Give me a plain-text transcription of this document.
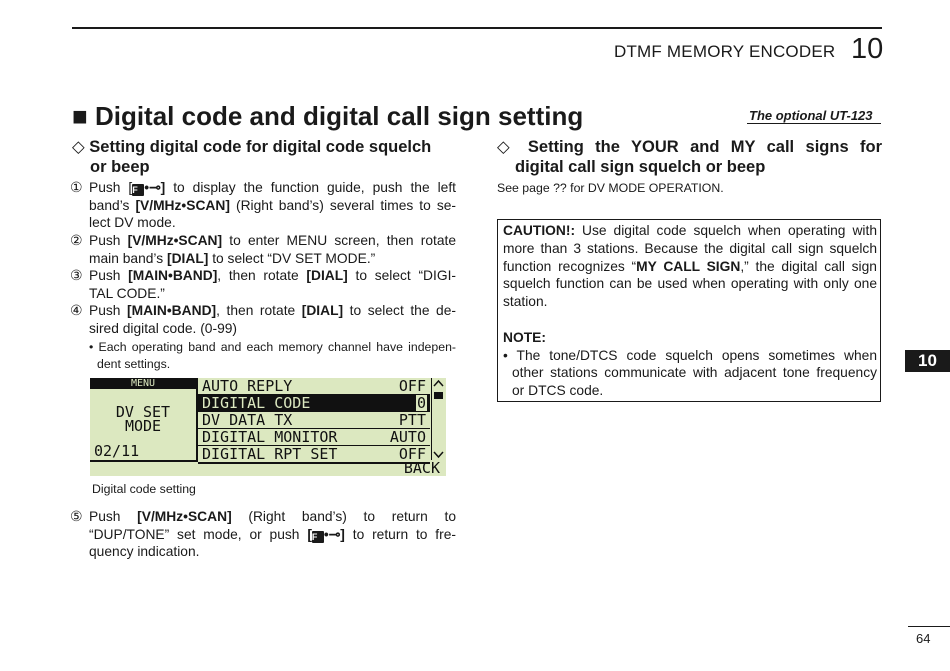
DTMF MEMORY ENCODER 10
■ Digital code and digital call sign setting	The optional UT-123
◇ Setting digital code for digital code squelch
or beep
① Push [F •⊸] to display the function guide, push the left
band’s [V/MHz•SCAN] (Right band’s) several times to se-
lect DV mode.
② Push [V/MHz•SCAN] to enter MENU screen, then rotate
main band’s [DIAL] to select “DV SET MODE.”
③ Push [MAIN•BAND], then rotate [DIAL] to select “DIGI-
TAL CODE.”
④ Push [MAIN•BAND], then rotate [DIAL] to select the de-
sired digital code. (0-99)
• Each operating band and each memory channel have indepen-
dent settings.
MENU
DV SET
MODE
02/11
AUTO REPLY	OFF
DIGITAL CODE	0
DV DATA TX	PTT
DIGITAL MONITOR	AUTO
DIGITAL RPT SET	OFF
BACK
Digital code setting
⑤ Push [V/MHz•SCAN] (Right band’s) to return to
“DUP/TONE” set mode, or push [F •⊸] to return to fre-
quency indication.
◇ Setting the YOUR and MY call signs for
digital call sign squelch or beep
See page ?? for DV MODE OPERATION.
CAUTION!: Use digital code squelch when operating with
more than 3 stations. Because the digital call sign squelch
function recognizes “MY CALL SIGN,” the digital call sign
squelch function can be used when operating with only one
station.
NOTE:
• The tone/DTCS code squelch opens sometimes when
other stations communicate with adjacent tone frequency
or DTCS code.
10
64
